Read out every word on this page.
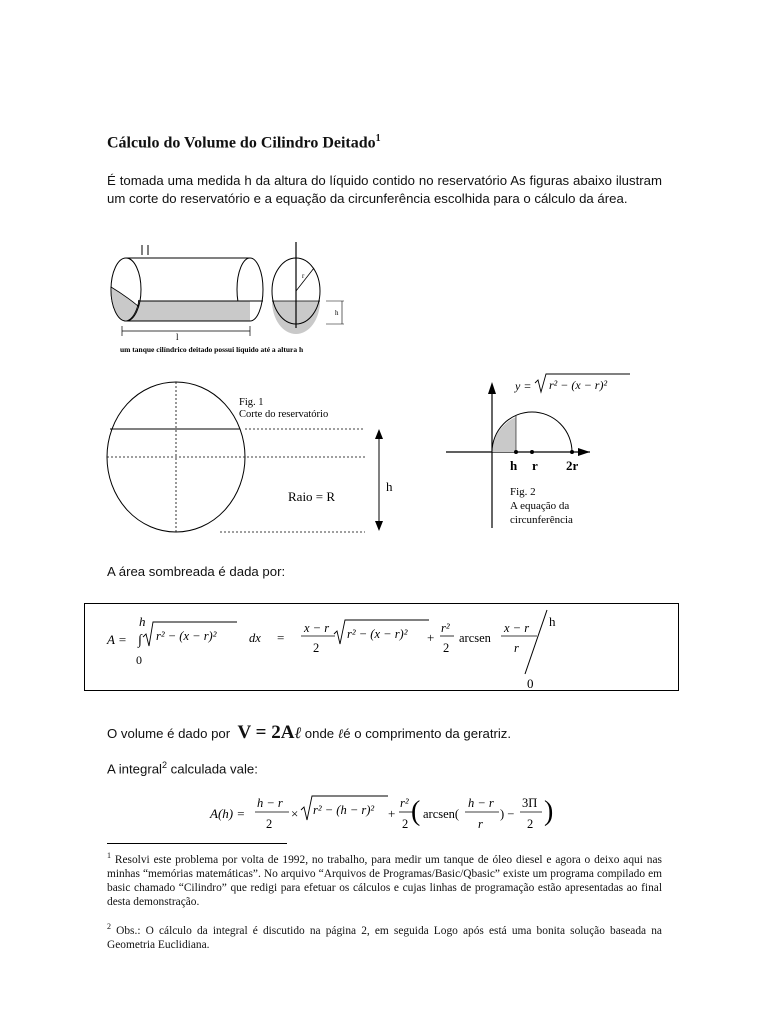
Cálculo do Volume do Cilindro Deitado$^1$
É tomada uma medida h da altura do líquido contido no reservatório As figuras abaixo ilustram um corte do reservatório e a equação da circunferência escolhida para o cálculo da área.
l
r
h
um tanque cilíndrico deitado possui líquido até a altura h
h
Raio = R
Fig. 1
Corte do reservatório
y = r² − (x − r)²
h r 2r
Fig. 2
A equação da
circunferência
A área sombreada é dada por:
A =
h
∫
0
r² − (x − r)²	dx =
x − r
2
r² − (x − r)² +
r²
2
arcsen
x − r
r
h
0
O volume é dado por V = 2Aℓ onde ℓé o comprimento da geratriz.
A integral$^2$ calculada vale:
A(h) =
h − r
2
× r² − (h − r)² +
r²
2 ( arcsen(
h − r
r
) −
3Π
2 )
$^1$ Resolvi este problema por volta de 1992, no trabalho, para medir um tanque de óleo diesel e agora o deixo aqui nas minhas “memórias matemáticas”. No arquivo “Arquivos de Programas/Basic/Qbasic” existe um programa compilado em basic chamado “Cilindro” que redigi para efetuar os cálculos e cujas linhas de programação estão apresentadas ao final desta demonstração.
$^2$ Obs.: O cálculo da integral é discutido na página 2, em seguida Logo após está uma bonita solução baseada na Geometria Euclidiana.
